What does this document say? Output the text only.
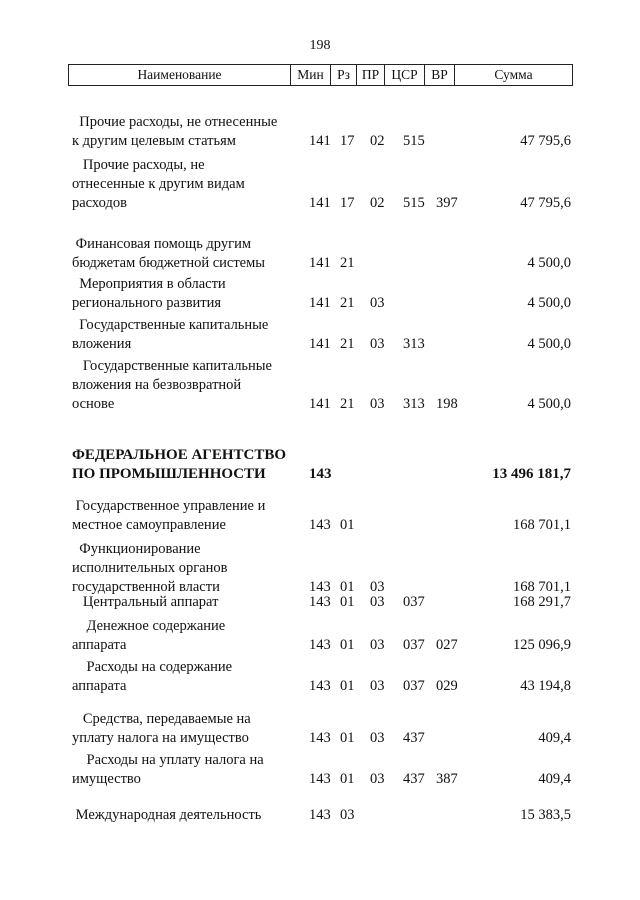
198
Наименование	Мин Рз ПР ЦСР	ВР	Сумма
Прочие расходы, не отнесенные
к другим целевым статьям	141 17 02 515	47 795,6
Прочие расходы, не
отнесенные к другим видам
расходов	141 17 02 515 397	47 795,6
Финансовая помощь другим
бюджетам бюджетной системы	141 21	4 500,0
Мероприятия в области
регионального развития	141 21 03	4 500,0
Государственные капитальные
вложения	141 21 03 313	4 500,0
Государственные капитальные
вложения на безвозвратной
основе	141 21 03 313 198	4 500,0
ФЕДЕРАЛЬНОЕ АГЕНТСТВО
ПО ПРОМЫШЛЕННОСТИ	143	13 496 181,7
Государственное управление и
местное самоуправление	143 01	168 701,1
Функционирование
исполнительных органов
государственной власти	143 01 03	168 701,1
Центральный аппарат	143 01 03 037	168 291,7
Денежное содержание
аппарата	143 01 03 037 027	125 096,9
Расходы на содержание
аппарата	143 01 03 037 029	43 194,8
Средства, передаваемые на
уплату налога на имущество	143 01 03 437	409,4
Расходы на уплату налога на
имущество	143 01 03 437 387	409,4
Международная деятельность	143 03	15 383,5
